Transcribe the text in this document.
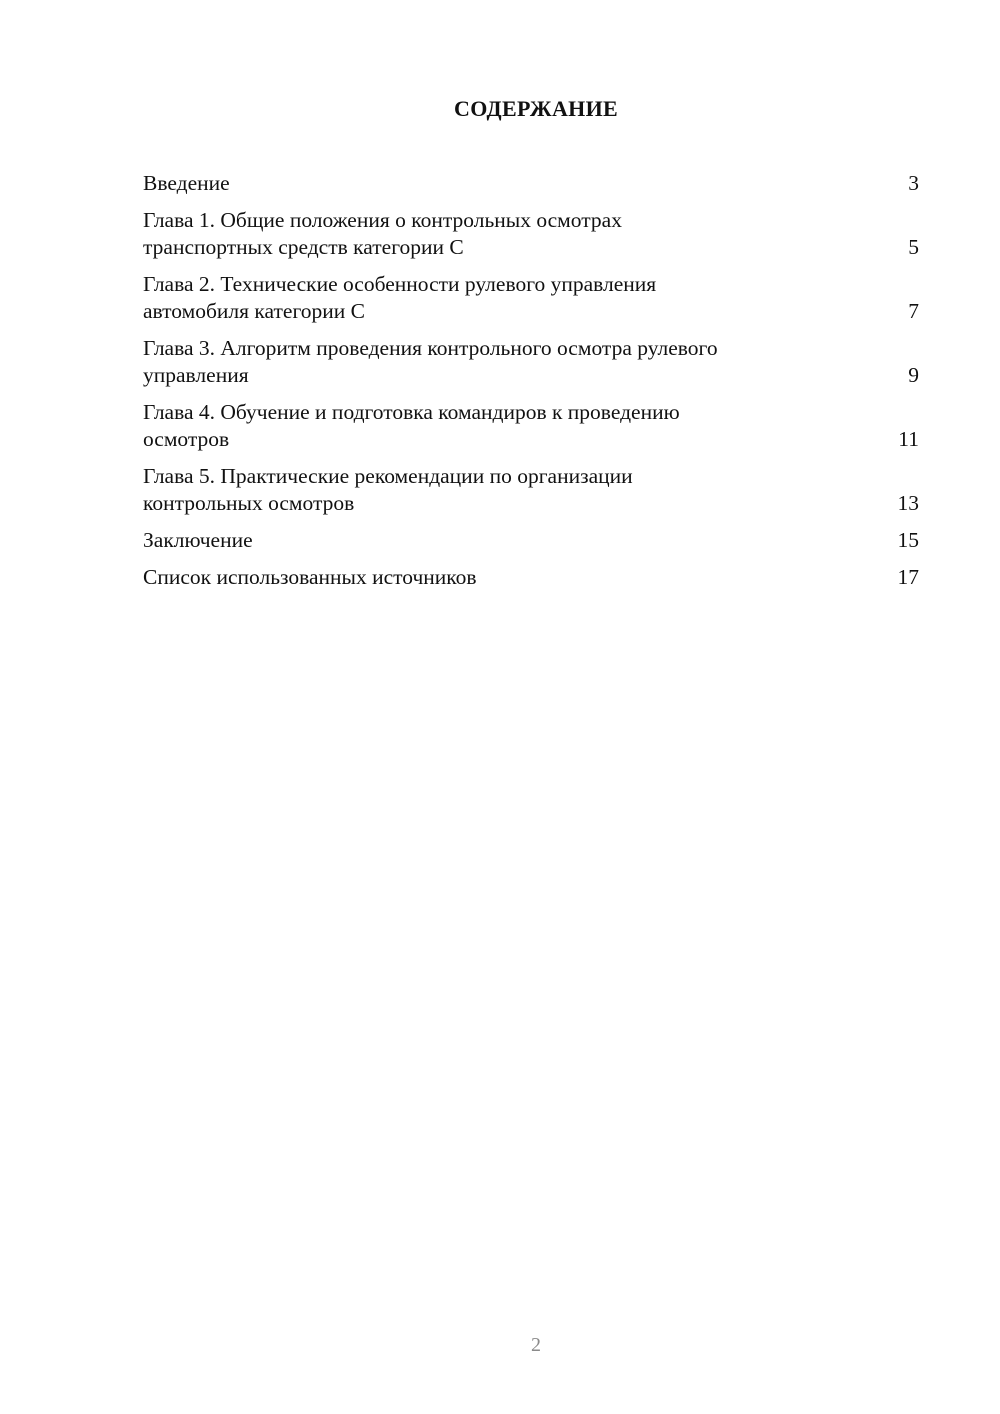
СОДЕРЖАНИЕ
Введение	3
Глава 1. Общие положения о контрольных осмотрах
транспортных средств категории С	5
Глава 2. Технические особенности рулевого управления
автомобиля категории С	7
Глава 3. Алгоритм проведения контрольного осмотра рулевого
управления	9
Глава 4. Обучение и подготовка командиров к проведению
осмотров	11
Глава 5. Практические рекомендации по организации
контрольных осмотров	13
Заключение	15
Список использованных источников	17
2
